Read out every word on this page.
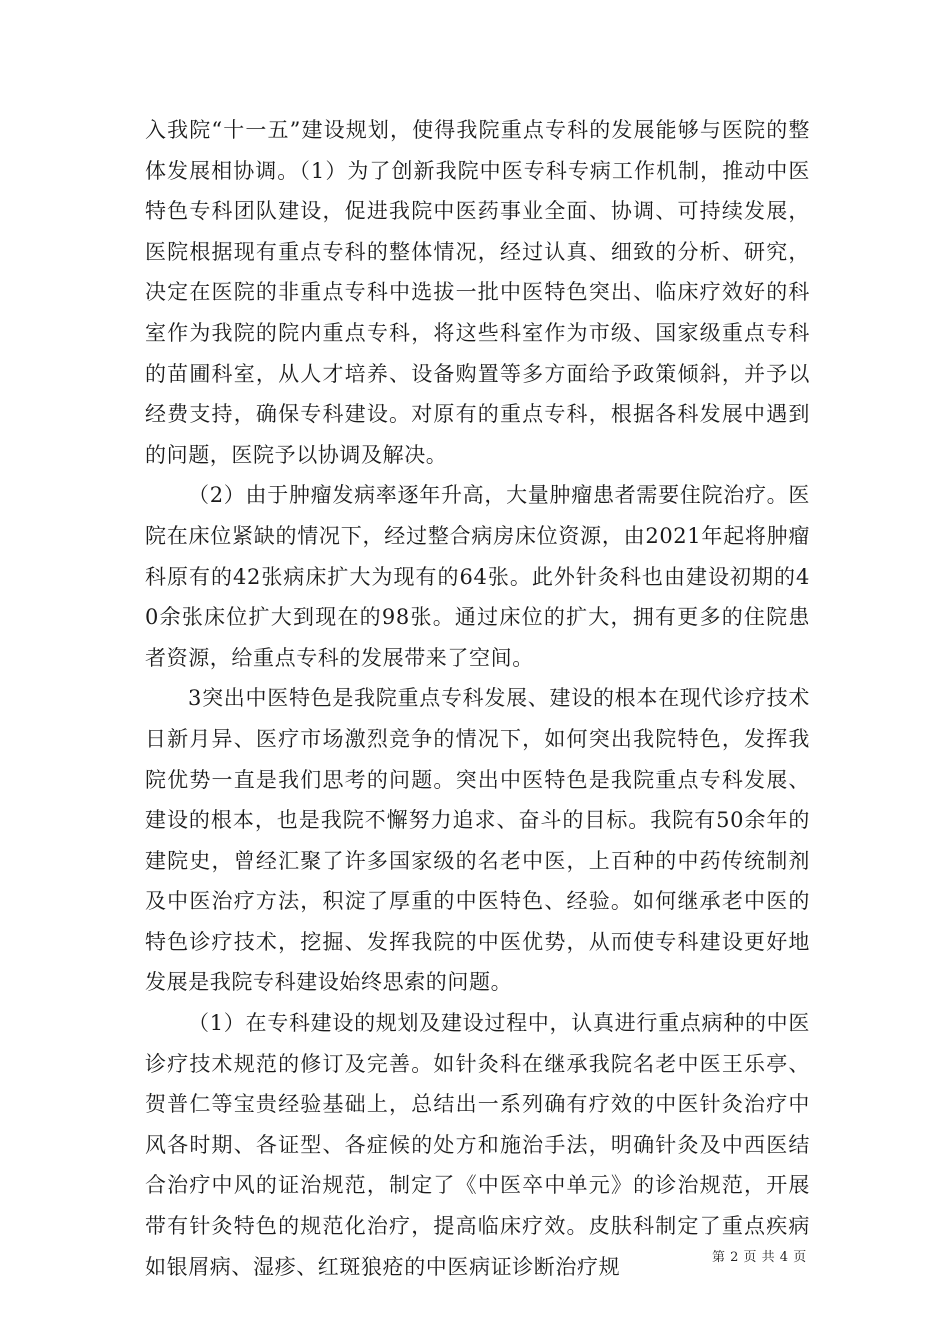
入我院“十一五”建设规划，使得我院重点专科的发展能够与医院的整体发展相协调。（1）为了创新我院中医专科专病工作机制，推动中医特色专科团队建设，促进我院中医药事业全面、协调、可持续发展，医院根据现有重点专科的整体情况，经过认真、细致的分析、研究，决定在医院的非重点专科中选拔一批中医特色突出、临床疗效好的科室作为我院的院内重点专科，将这些科室作为市级、国家级重点专科的苗圃科室，从人才培养、设备购置等多方面给予政策倾斜，并予以经费支持，确保专科建设。对原有的重点专科，根据各科发展中遇到的问题，医院予以协调及解决。

（2）由于肿瘤发病率逐年升高，大量肿瘤患者需要住院治疗。医院在床位紧缺的情况下，经过整合病房床位资源，由2021年起将肿瘤科原有的42张病床扩大为现有的64张。此外针灸科也由建设初期的40余张床位扩大到现在的98张。通过床位的扩大，拥有更多的住院患者资源，给重点专科的发展带来了空间。

3突出中医特色是我院重点专科发展、建设的根本在现代诊疗技术日新月异、医疗市场激烈竞争的情况下，如何突出我院特色，发挥我院优势一直是我们思考的问题。突出中医特色是我院重点专科发展、建设的根本，也是我院不懈努力追求、奋斗的目标。我院有50余年的建院史，曾经汇聚了许多国家级的名老中医，上百种的中药传统制剂及中医治疗方法，积淀了厚重的中医特色、经验。如何继承老中医的特色诊疗技术，挖掘、发挥我院的中医优势，从而使专科建设更好地发展是我院专科建设始终思索的问题。

（1）在专科建设的规划及建设过程中，认真进行重点病种的中医诊疗技术规范的修订及完善。如针灸科在继承我院名老中医王乐亭、贺普仁等宝贵经验基础上，总结出一系列确有疗效的中医针灸治疗中风各时期、各证型、各症候的处方和施治手法，明确针灸及中西医结合治疗中风的证治规范，制定了《中医卒中单元》的诊治规范，开展带有针灸特色的规范化治疗，提高临床疗效。皮肤科制定了重点疾病如银屑病、湿疹、红斑狼疮的中医病证诊断治疗规	第 2 页 共 4 页
